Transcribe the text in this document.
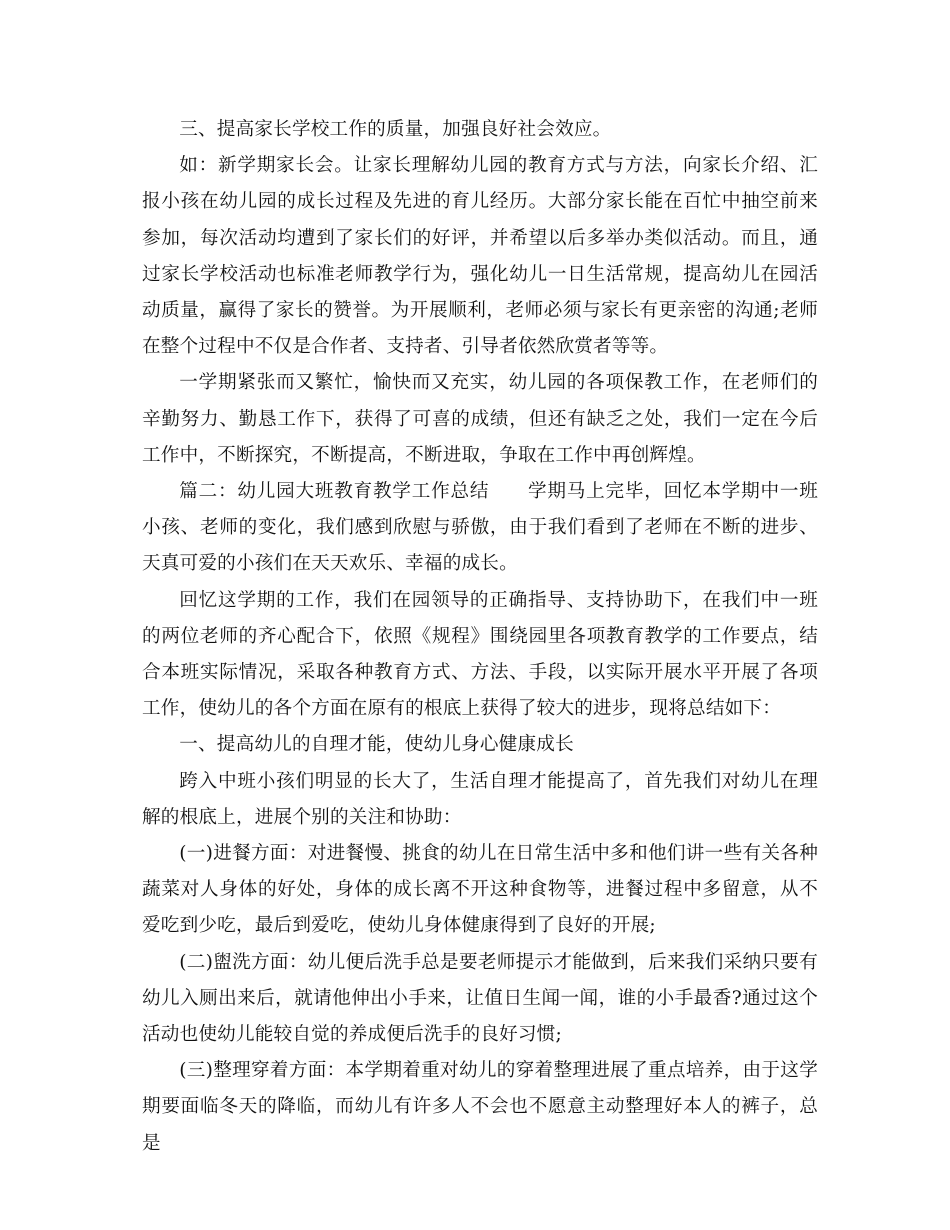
三、提高家长学校工作的质量，加强良好社会效应。

如：新学期家长会。让家长理解幼儿园的教育方式与方法，向家长介绍、汇报小孩在幼儿园的成长过程及先进的育儿经历。大部分家长能在百忙中抽空前来参加，每次活动均遭到了家长们的好评，并希望以后多举办类似活动。而且，通过家长学校活动也标准老师教学行为，强化幼儿一日生活常规，提高幼儿在园活动质量，赢得了家长的赞誉。为开展顺利，老师必须与家长有更亲密的沟通;老师在整个过程中不仅是合作者、支持者、引导者依然欣赏者等等。

一学期紧张而又繁忙，愉快而又充实，幼儿园的各项保教工作，在老师们的辛勤努力、勤恳工作下，获得了可喜的成绩，但还有缺乏之处，我们一定在今后工作中，不断探究，不断提高，不断进取，争取在工作中再创辉煌。

篇二：幼儿园大班教育教学工作总结　　学期马上完毕，回忆本学期中一班小孩、老师的变化，我们感到欣慰与骄傲，由于我们看到了老师在不断的进步、天真可爱的小孩们在天天欢乐、幸福的成长。

回忆这学期的工作，我们在园领导的正确指导、支持协助下，在我们中一班的两位老师的齐心配合下，依照《规程》围绕园里各项教育教学的工作要点，结合本班实际情况，采取各种教育方式、方法、手段，以实际开展水平开展了各项工作，使幼儿的各个方面在原有的根底上获得了较大的进步，现将总结如下：

一、提高幼儿的自理才能，使幼儿身心健康成长

跨入中班小孩们明显的长大了，生活自理才能提高了，首先我们对幼儿在理解的根底上，进展个别的关注和协助：

(一)进餐方面：对进餐慢、挑食的幼儿在日常生活中多和他们讲一些有关各种蔬菜对人身体的好处，身体的成长离不开这种食物等，进餐过程中多留意，从不爱吃到少吃，最后到爱吃，使幼儿身体健康得到了良好的开展;

(二)盥洗方面：幼儿便后洗手总是要老师提示才能做到，后来我们采纳只要有幼儿入厕出来后，就请他伸出小手来，让值日生闻一闻，谁的小手最香?通过这个活动也使幼儿能较自觉的养成便后洗手的良好习惯;

(三)整理穿着方面：本学期着重对幼儿的穿着整理进展了重点培养，由于这学期要面临冬天的降临，而幼儿有许多人不会也不愿意主动整理好本人的裤子，总是
